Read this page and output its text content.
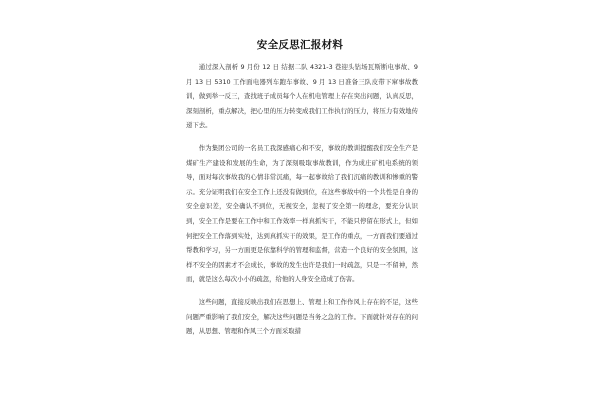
安全反思汇报材料

通过深入剖析 9 月份 12 日 结据二队 4321-3 巷迎头钻场瓦斯断电事故、9 月 13 日 5310 工作面电器列车跑车事故、9 月 13 日准备三队皮带下窜事故教训，做到举一反三，查找班子成员每个人在机电管理上存在突出问题，认真反思，深刻剖析，重点解决，把心里的压力转变成我们工作执行的压力，将压力有效地传递下去。

作为集团公司的一名员工我深感痛心和不安，事故的教训提醒我们安全生产是煤矿生产建设和发展的生命，为了深刻吸取事故教训，作为成庄矿机电系统的领导，面对每次事故我的心情非常沉痛，每一起事故给了我们沉痛的教训和惨重的警示。充分证明我们在安全工作上还没有做到位，在这些事故中的一个共性是自身的安全意识差，安全确认不到位，无视安全，忽视了安全第一的理念，要充分认识到，安全工作是要在工作中和工作效率一样真抓实干，不能只停留在形式上，但如何把安全工作落到实处，达到真抓实干的效果，是工作的重点，一方面我们要通过帮教和学习，另一方面更是依靠科学的管理和监督，营造一个良好的安全氛围，这样不安全的因素才不会成长，事故的发生也许是我们一时疏忽，只是一不留神，然而，就是这么每次小小的疏忽，给他的人身安全造成了伤害。

这些问题，直接反映出我们在思想上、管理上和工作作风上存在的不足，这些问题严重影响了我们安全，解决这些问题是当务之急的工作。下面就针对存在的问题，从思想、管理和作风三个方面采取措
